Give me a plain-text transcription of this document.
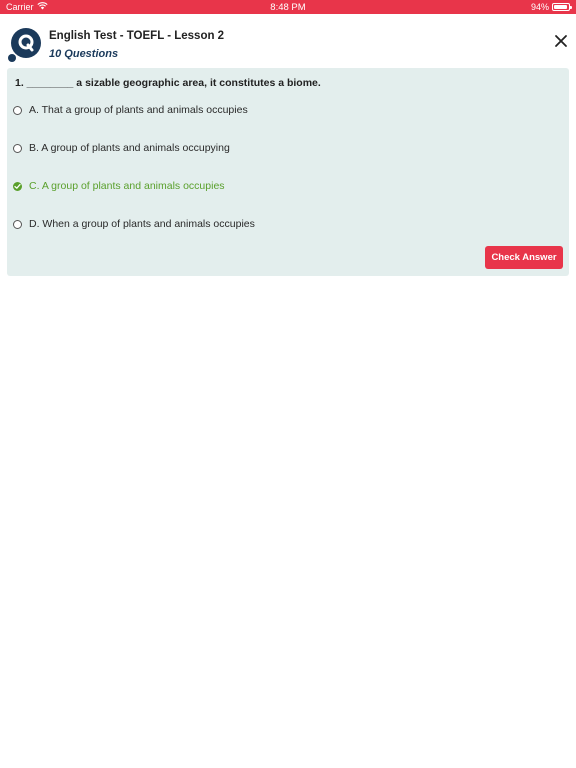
Carrier	8:48 PM	94%
English Test - TOEFL - Lesson 2
10 Questions
1. ________ a sizable geographic area, it constitutes a biome.
A. That a group of plants and animals occupies
B. A group of plants and animals occupying
C. A group of plants and animals occupies
D. When a group of plants and animals occupies
Check Answer
